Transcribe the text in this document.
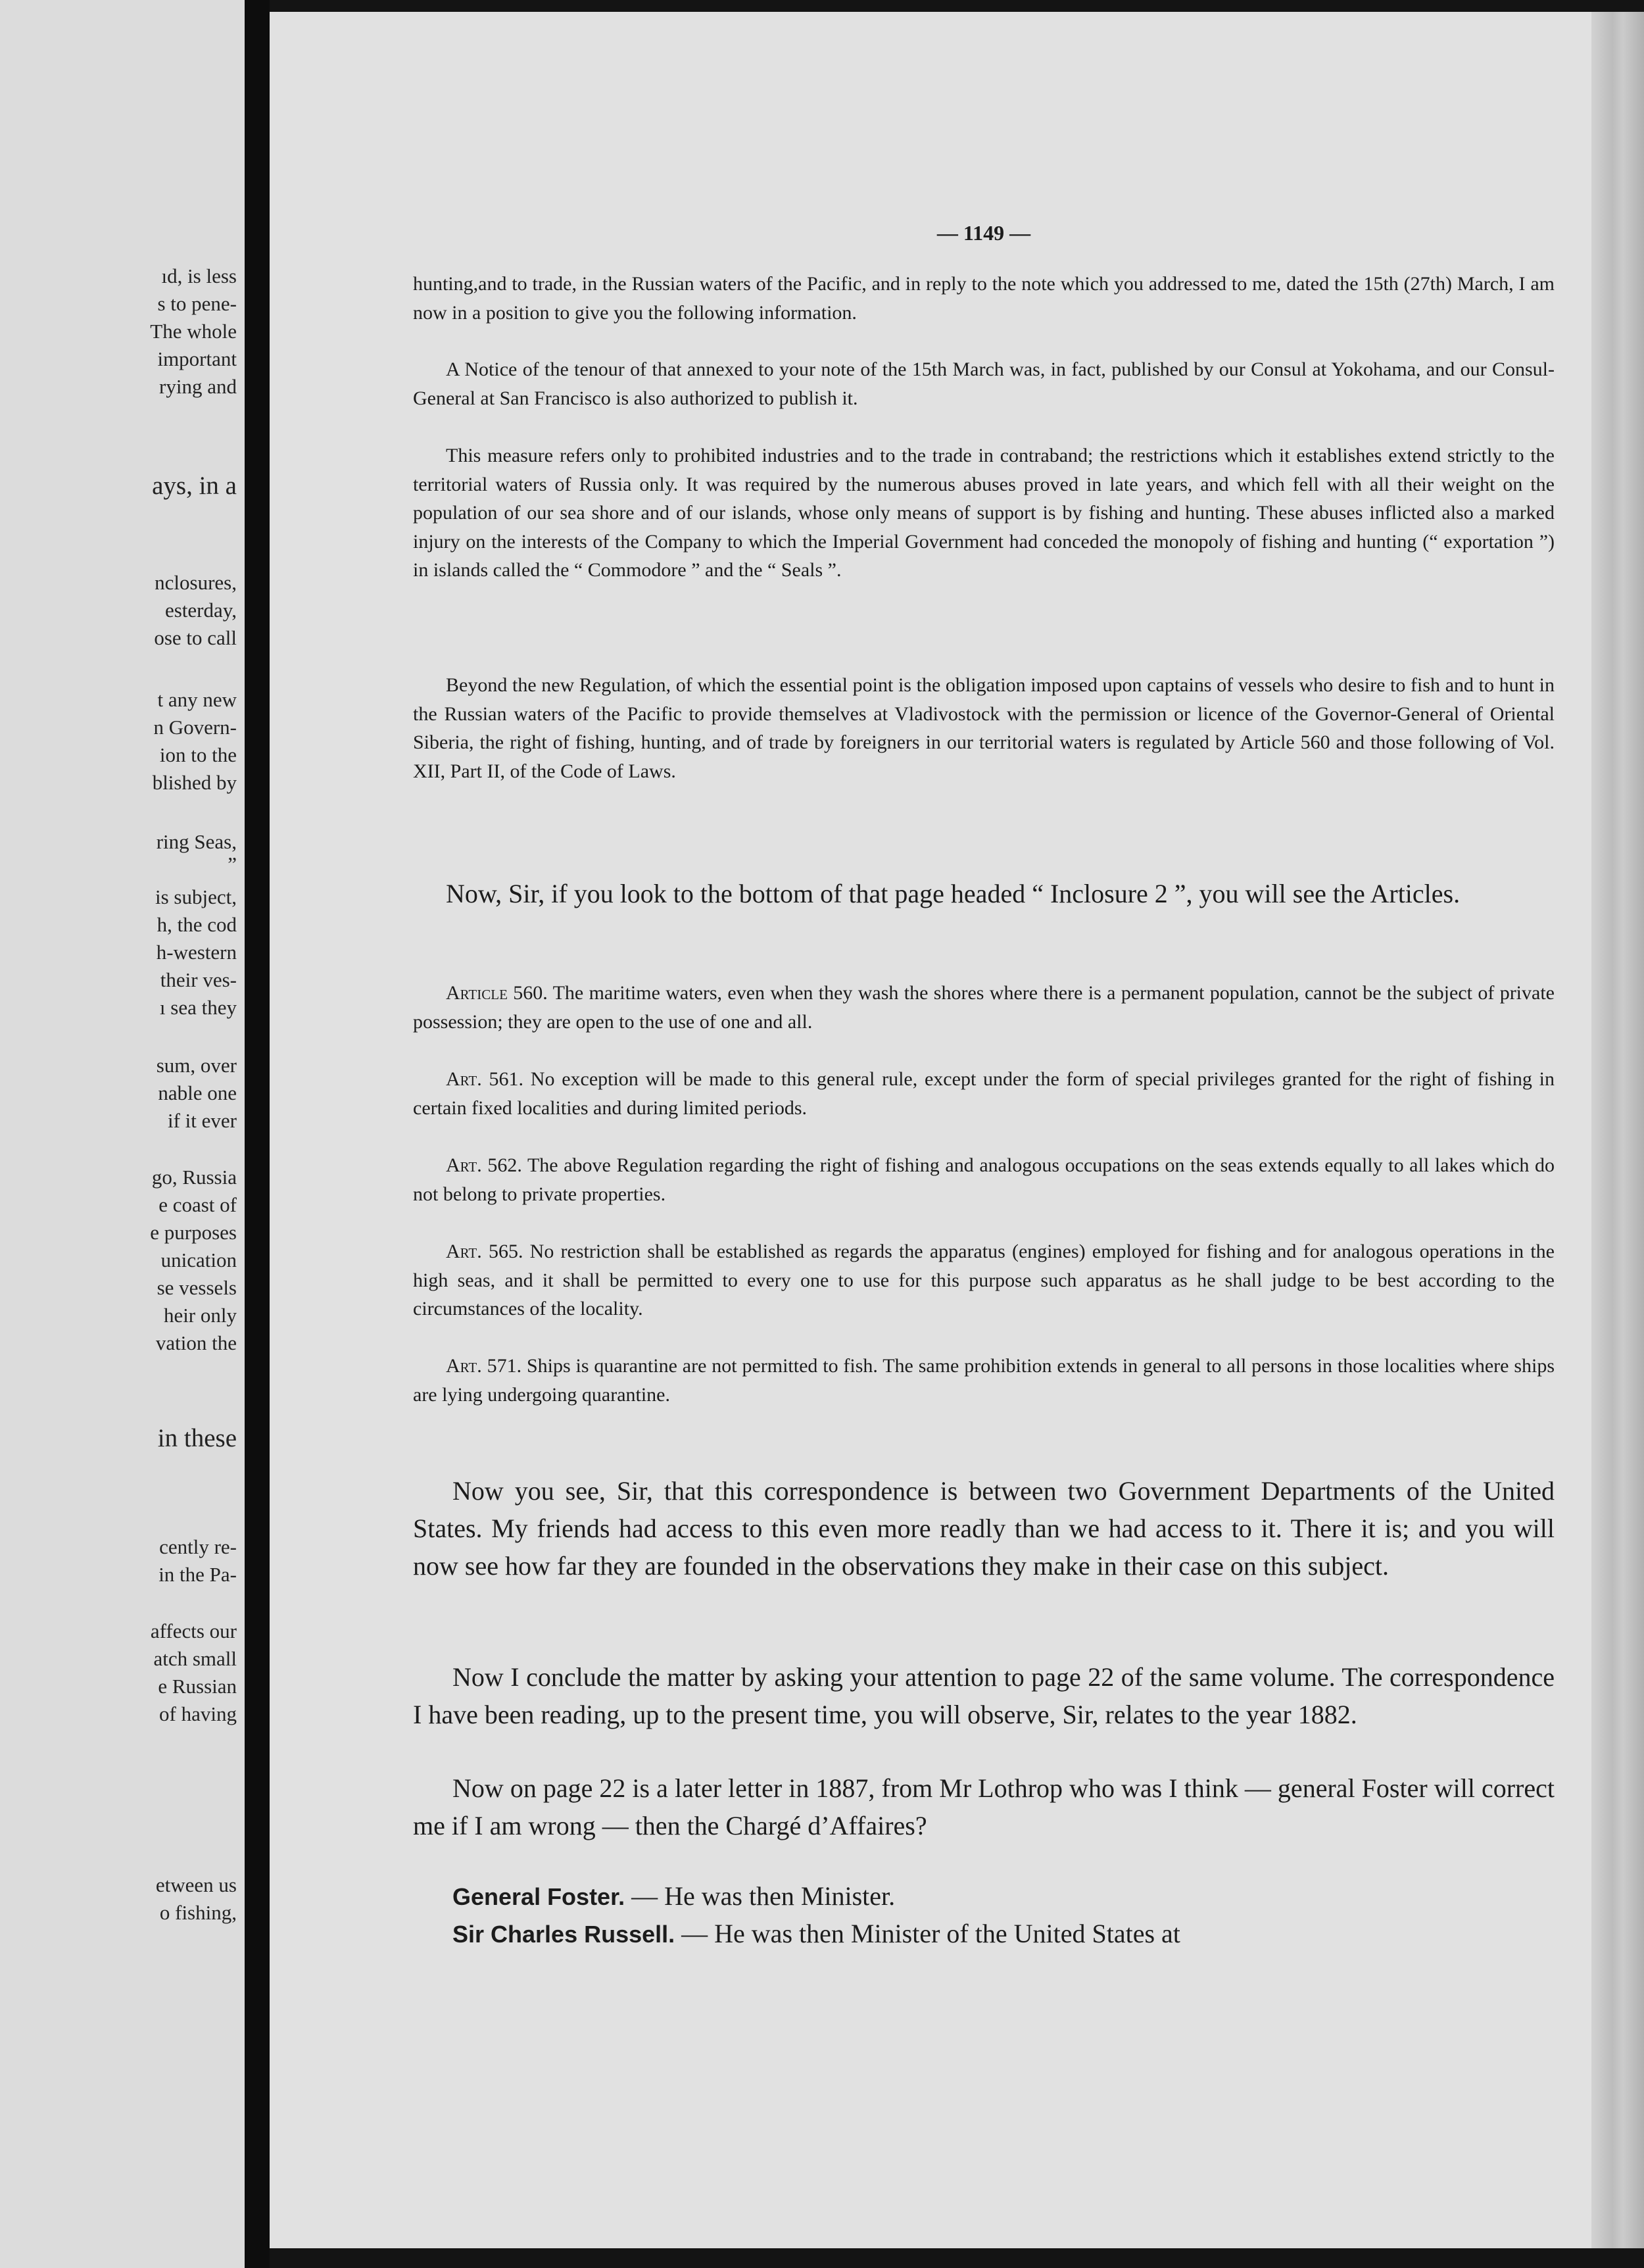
ıd, is less

s to pene-

The whole

important

rying and

ays, in a

nclosures,

esterday,

ose to call

t any new

n Govern-

ion to the

blished by

ring Seas,

”

is subject,

h, the cod

h-western

their ves-

ı sea they

sum, over

nable one

if it ever

go, Russia

e coast of

e purposes

unication

se vessels

heir only

vation the

in these

cently re-

in the Pa-

affects our

atch small

e Russian

of having

etween us

o fishing,

— 1149 —

hunting,and to trade, in the Russian waters of the Pacific, and in reply to the note which you addressed to me, dated the 15th (27th) March, I am now in a position to give you the following information.

A Notice of the tenour of that annexed to your note of the 15th March was, in fact, published by our Consul at Yokohama, and our Consul-General at San Francisco is also authorized to publish it.

This measure refers only to prohibited industries and to the trade in contraband; the restrictions which it establishes extend strictly to the territorial waters of Russia only. It was required by the numerous abuses proved in late years, and which fell with all their weight on the population of our sea shore and of our islands, whose only means of support is by fishing and hunting. These abuses inflicted also a marked injury on the interests of the Company to which the Imperial Government had conceded the monopoly of fishing and hunting (“ exportation ”) in islands called the “ Commodore ” and the “ Seals ”.

Beyond the new Regulation, of which the essential point is the obligation imposed upon captains of vessels who desire to fish and to hunt in the Russian waters of the Pacific to provide themselves at Vladivostock with the permission or licence of the Governor-General of Oriental Siberia, the right of fishing, hunting, and of trade by foreigners in our territorial waters is regulated by Article 560 and those following of Vol. XII, Part II, of the Code of Laws.

Now, Sir, if you look to the bottom of that page headed “ Inclosure 2 ”, you will see the Articles.

Article 560. The maritime waters, even when they wash the shores where there is a permanent population, cannot be the subject of private possession; they are open to the use of one and all.

Art. 561. No exception will be made to this general rule, except under the form of special privileges granted for the right of fishing in certain fixed localities and during limited periods.

Art. 562. The above Regulation regarding the right of fishing and analogous occupations on the seas extends equally to all lakes which do not belong to private properties.

Art. 565. No restriction shall be established as regards the apparatus (engines) employed for fishing and for analogous operations in the high seas, and it shall be permitted to every one to use for this purpose such apparatus as he shall judge to be best according to the circumstances of the locality.

Art. 571. Ships is quarantine are not permitted to fish. The same prohibition extends in general to all persons in those localities where ships are lying undergoing quarantine.

Now you see, Sir, that this correspondence is between two Government Departments of the United States. My friends had access to this even more readly than we had access to it. There it is; and you will now see how far they are founded in the observations they make in their case on this subject.

Now I conclude the matter by asking your attention to page 22 of the same volume. The correspondence I have been reading, up to the present time, you will observe, Sir, relates to the year 1882.

Now on page 22 is a later letter in 1887, from Mr Lothrop who was I think — general Foster will correct me if I am wrong — then the Chargé d’Affaires?

General Foster. — He was then Minister.

Sir Charles Russell. — He was then Minister of the United States at
